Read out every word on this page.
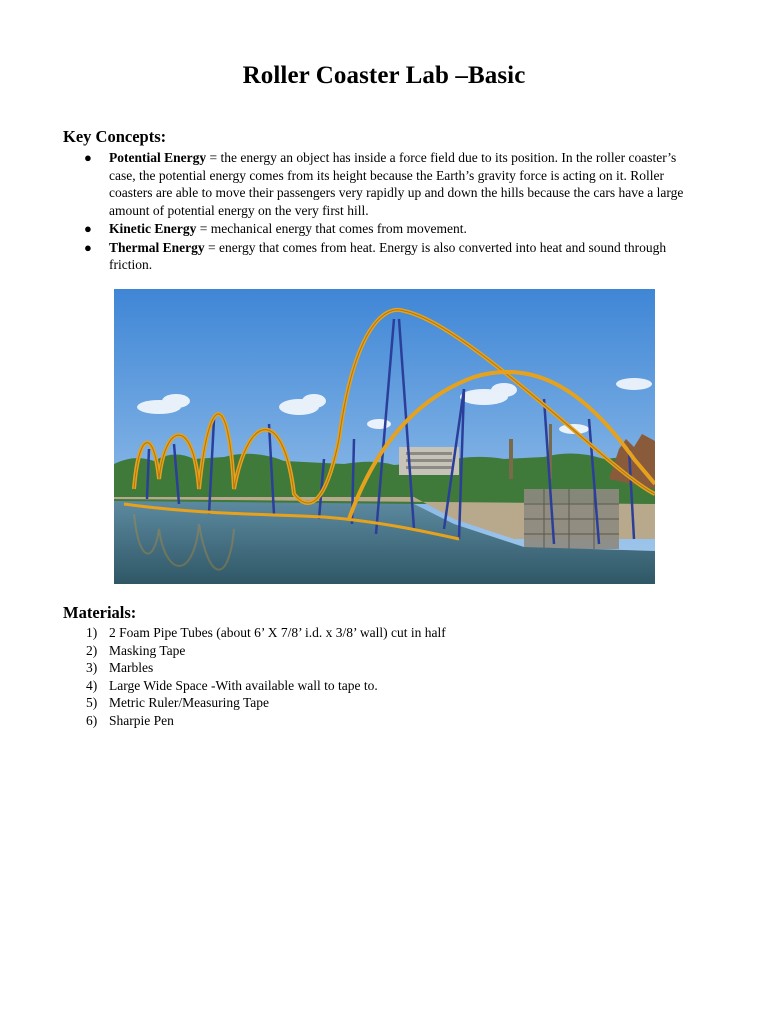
Roller Coaster Lab –Basic
Key Concepts:
● Potential Energy = the energy an object has inside a force field due to its position. In the roller coaster’s case, the potential energy comes from its height because the Earth’s gravity force is acting on it. Roller coasters are able to move their passengers very rapidly up and down the hills because the cars have a large amount of potential energy on the very first hill.
● Kinetic Energy = mechanical energy that comes from movement.
● Thermal Energy = energy that comes from heat. Energy is also converted into heat and sound through friction.
Materials:
1) 2 Foam Pipe Tubes (about 6’ X 7/8’ i.d. x 3/8’ wall) cut in half
2) Masking Tape
3) Marbles
4) Large Wide Space -With available wall to tape to.
5) Metric Ruler/Measuring Tape
6) Sharpie Pen
